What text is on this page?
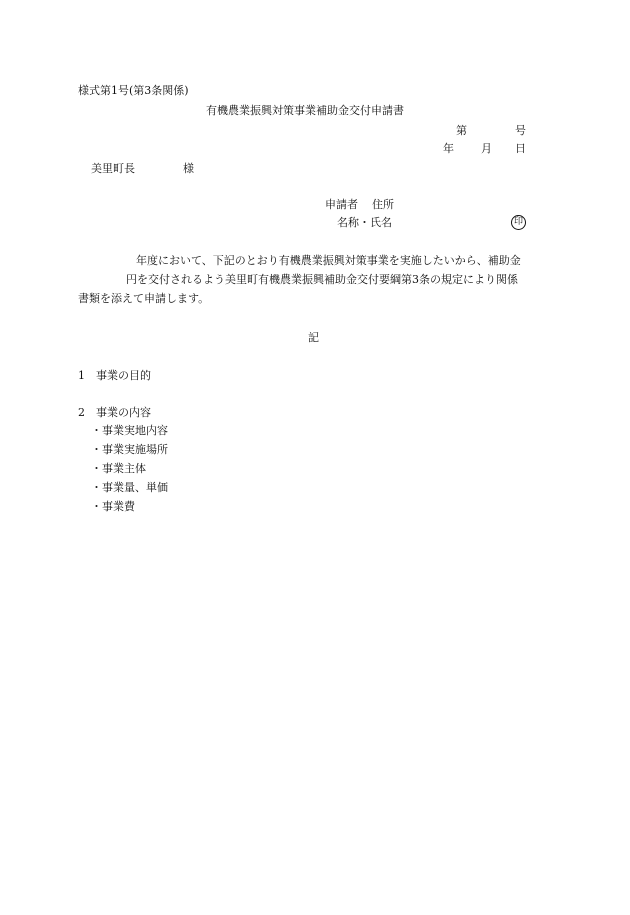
様式第1号(第3条関係)
有機農業振興対策事業補助金交付申請書
第	号
年 月 日
美里町長	様
申請者 住所
名称・氏名	印
年度において、下記のとおり有機農業振興対策事業を実施したいから、補助金
円を交付されるよう美里町有機農業振興補助金交付要綱第3条の規定により関係
書類を添えて申請します。
記
1　事業の目的
2　事業の内容
・事業実地内容
・事業実施場所
・事業主体
・事業量、単価
・事業費
